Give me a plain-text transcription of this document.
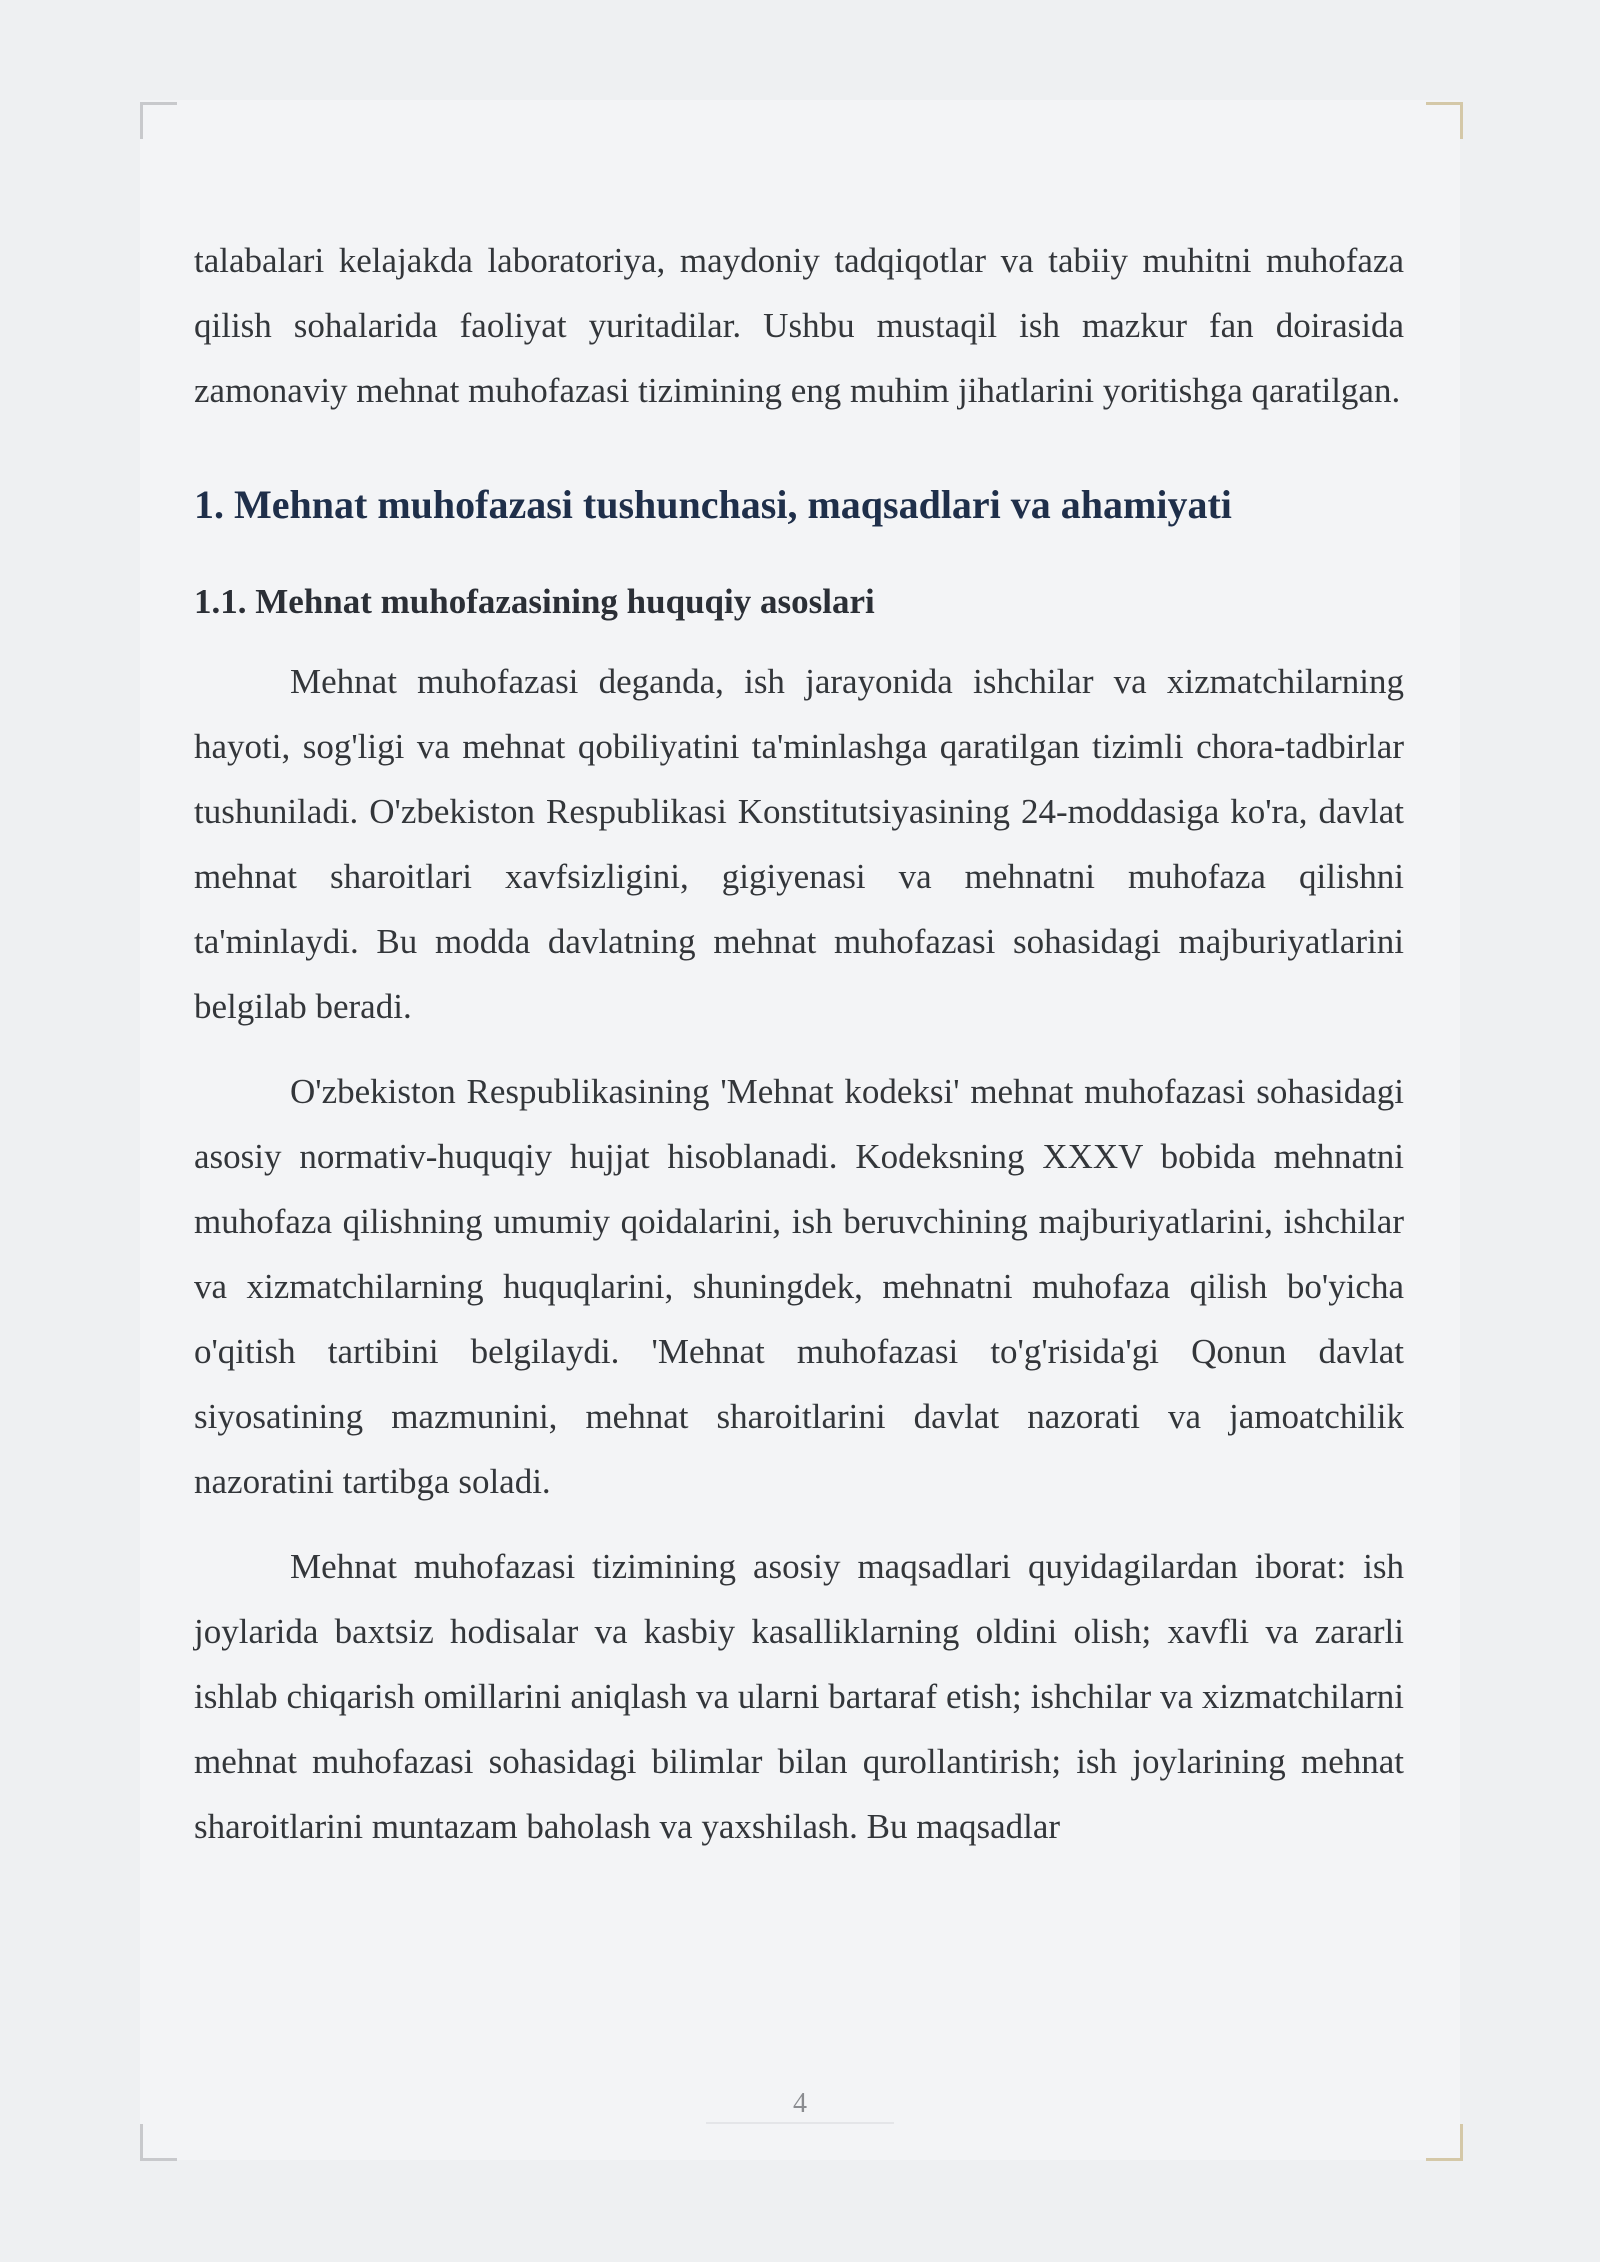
talabalari kelajakda laboratoriya, maydoniy tadqiqotlar va tabiiy muhitni muhofaza qilish sohalarida faoliyat yuritadilar. Ushbu mustaqil ish mazkur fan doirasida zamonaviy mehnat muhofazasi tizimining eng muhim jihatlarini yoritishga qaratilgan.

1. Mehnat muhofazasi tushunchasi, maqsadlari va ahamiyati
1.1. Mehnat muhofazasining huquqiy asoslari

Mehnat muhofazasi deganda, ish jarayonida ishchilar va xizmatchilarning hayoti, sog'ligi va mehnat qobiliyatini ta'minlashga qaratilgan tizimli chora-tadbirlar tushuniladi. O'zbekiston Respublikasi Konstitutsiyasining 24-moddasiga ko'ra, davlat mehnat sharoitlari xavfsizligini, gigiyenasi va mehnatni muhofaza qilishni ta'minlaydi. Bu modda davlatning mehnat muhofazasi sohasidagi majburiyatlarini belgilab beradi.

O'zbekiston Respublikasining 'Mehnat kodeksi' mehnat muhofazasi sohasidagi asosiy normativ-huquqiy hujjat hisoblanadi. Kodeksning XXXV bobida mehnatni muhofaza qilishning umumiy qoidalarini, ish beruvchining majburiyatlarini, ishchilar va xizmatchilarning huquqlarini, shuningdek, mehnatni muhofaza qilish bo'yicha o'qitish tartibini belgilaydi. 'Mehnat muhofazasi to'g'risida'gi Qonun davlat siyosatining mazmunini, mehnat sharoitlarini davlat nazorati va jamoatchilik nazoratini tartibga soladi.

Mehnat muhofazasi tizimining asosiy maqsadlari quyidagilardan iborat: ish joylarida baxtsiz hodisalar va kasbiy kasalliklarning oldini olish; xavfli va zararli ishlab chiqarish omillarini aniqlash va ularni bartaraf etish; ishchilar va xizmatchilarni mehnat muhofazasi sohasidagi bilimlar bilan qurollantirish; ish joylarining mehnat sharoitlarini muntazam baholash va yaxshilash. Bu maqsadlar

4
